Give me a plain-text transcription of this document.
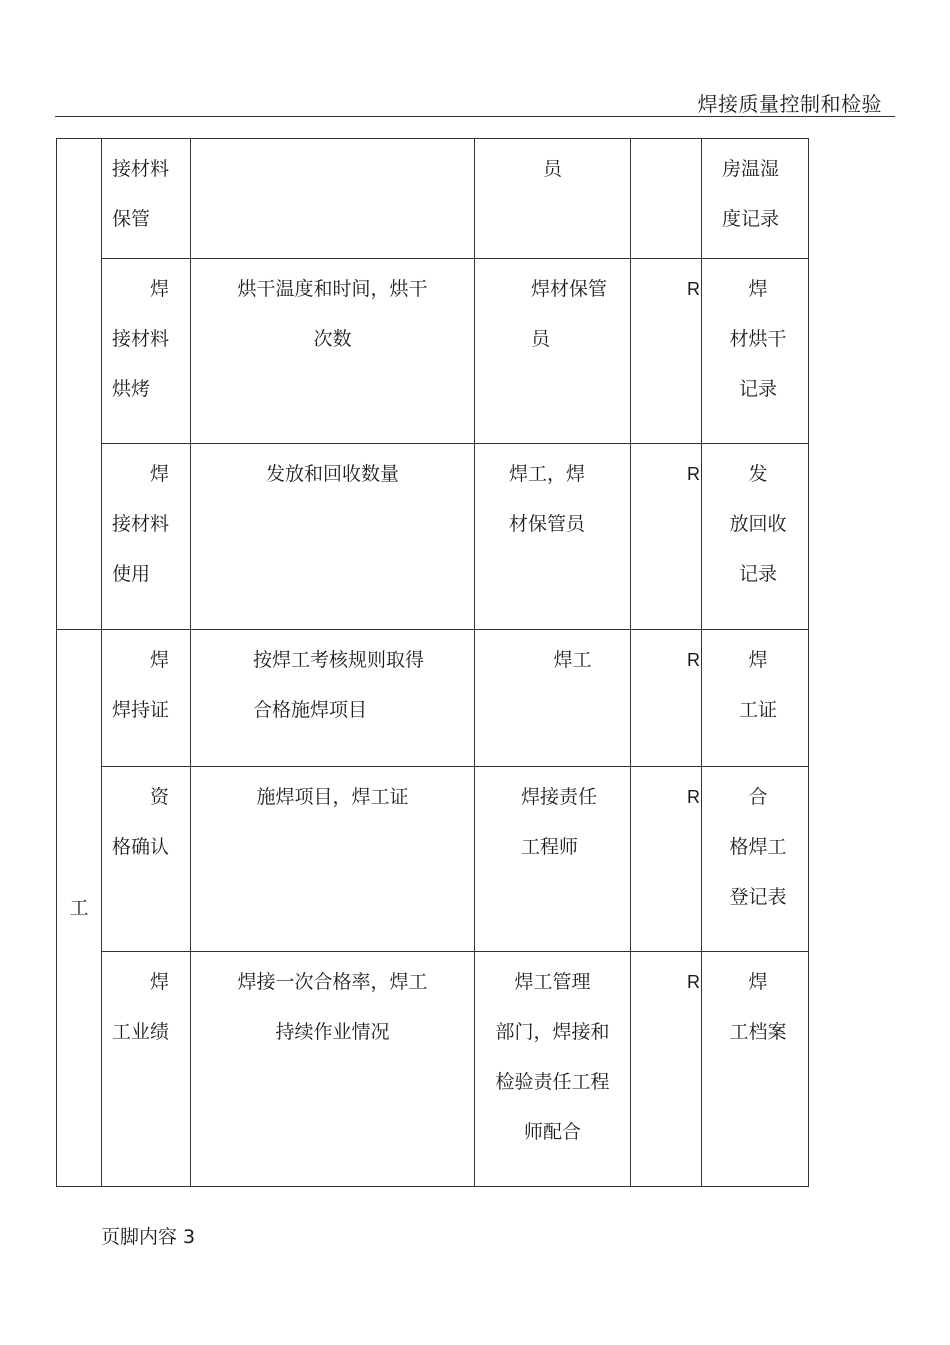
焊接质量控制和检验

	接材料
保管		员		房温湿
度记录

	　　焊
接材料
烘烤	烘干温度和时间，烘干
次数	焊材保管
员	R	焊
材烘干
记录

	　　焊
接材料
使用	发放和回收数量	焊工，焊
材保管员	R	发
放回收
记录

工	　　焊
焊持证	按焊工考核规则取得
合格施焊项目	焊工	R	焊
工证

	　　资
格确认	施焊项目，焊工证	焊接责任
工程师	R	合
格焊工
登记表

	　　焊
工业绩	焊接一次合格率，焊工
持续作业情况	焊工管理
部门，焊接和
检验责任工程
师配合	R	焊
工档案
页脚内容 3
